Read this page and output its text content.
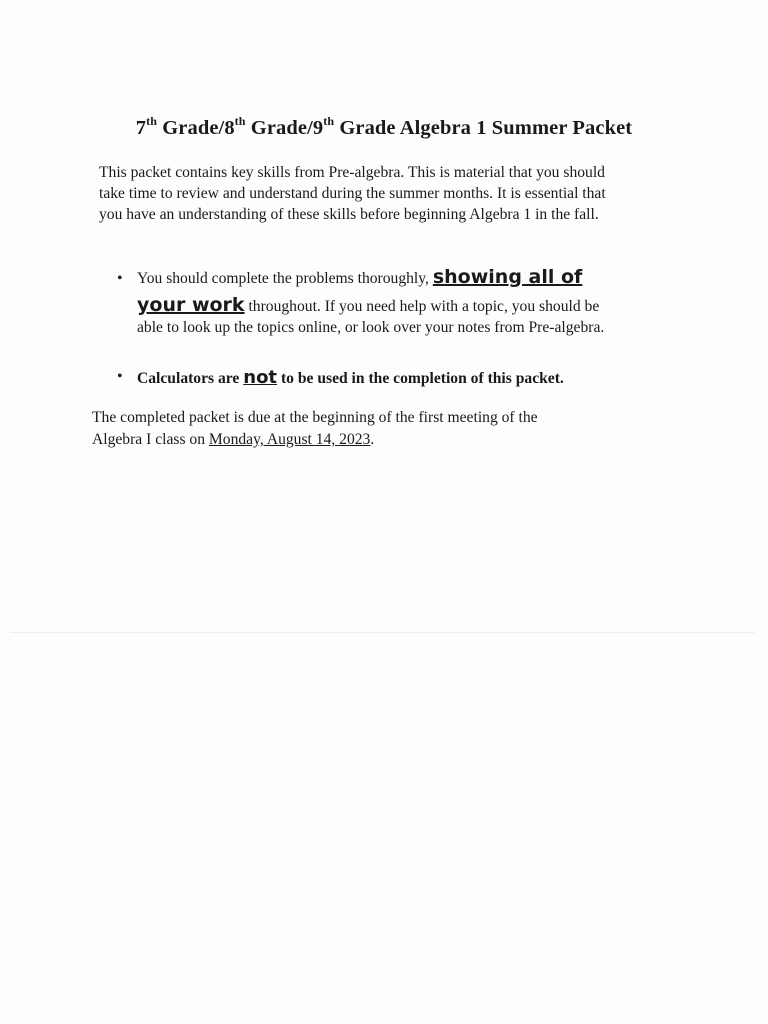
7th Grade/8th Grade/9th Grade Algebra 1 Summer Packet
This packet contains key skills from Pre-algebra. This is material that you should
take time to review and understand during the summer months. It is essential that
you have an understanding of these skills before beginning Algebra 1 in the fall.
• You should complete the problems thoroughly, showing all of
your work throughout. If you need help with a topic, you should be
able to look up the topics online, or look over your notes from Pre-algebra.
• Calculators are not to be used in the completion of this packet.
The completed packet is due at the beginning of the first meeting of the
Algebra I class on Monday, August 14, 2023.
